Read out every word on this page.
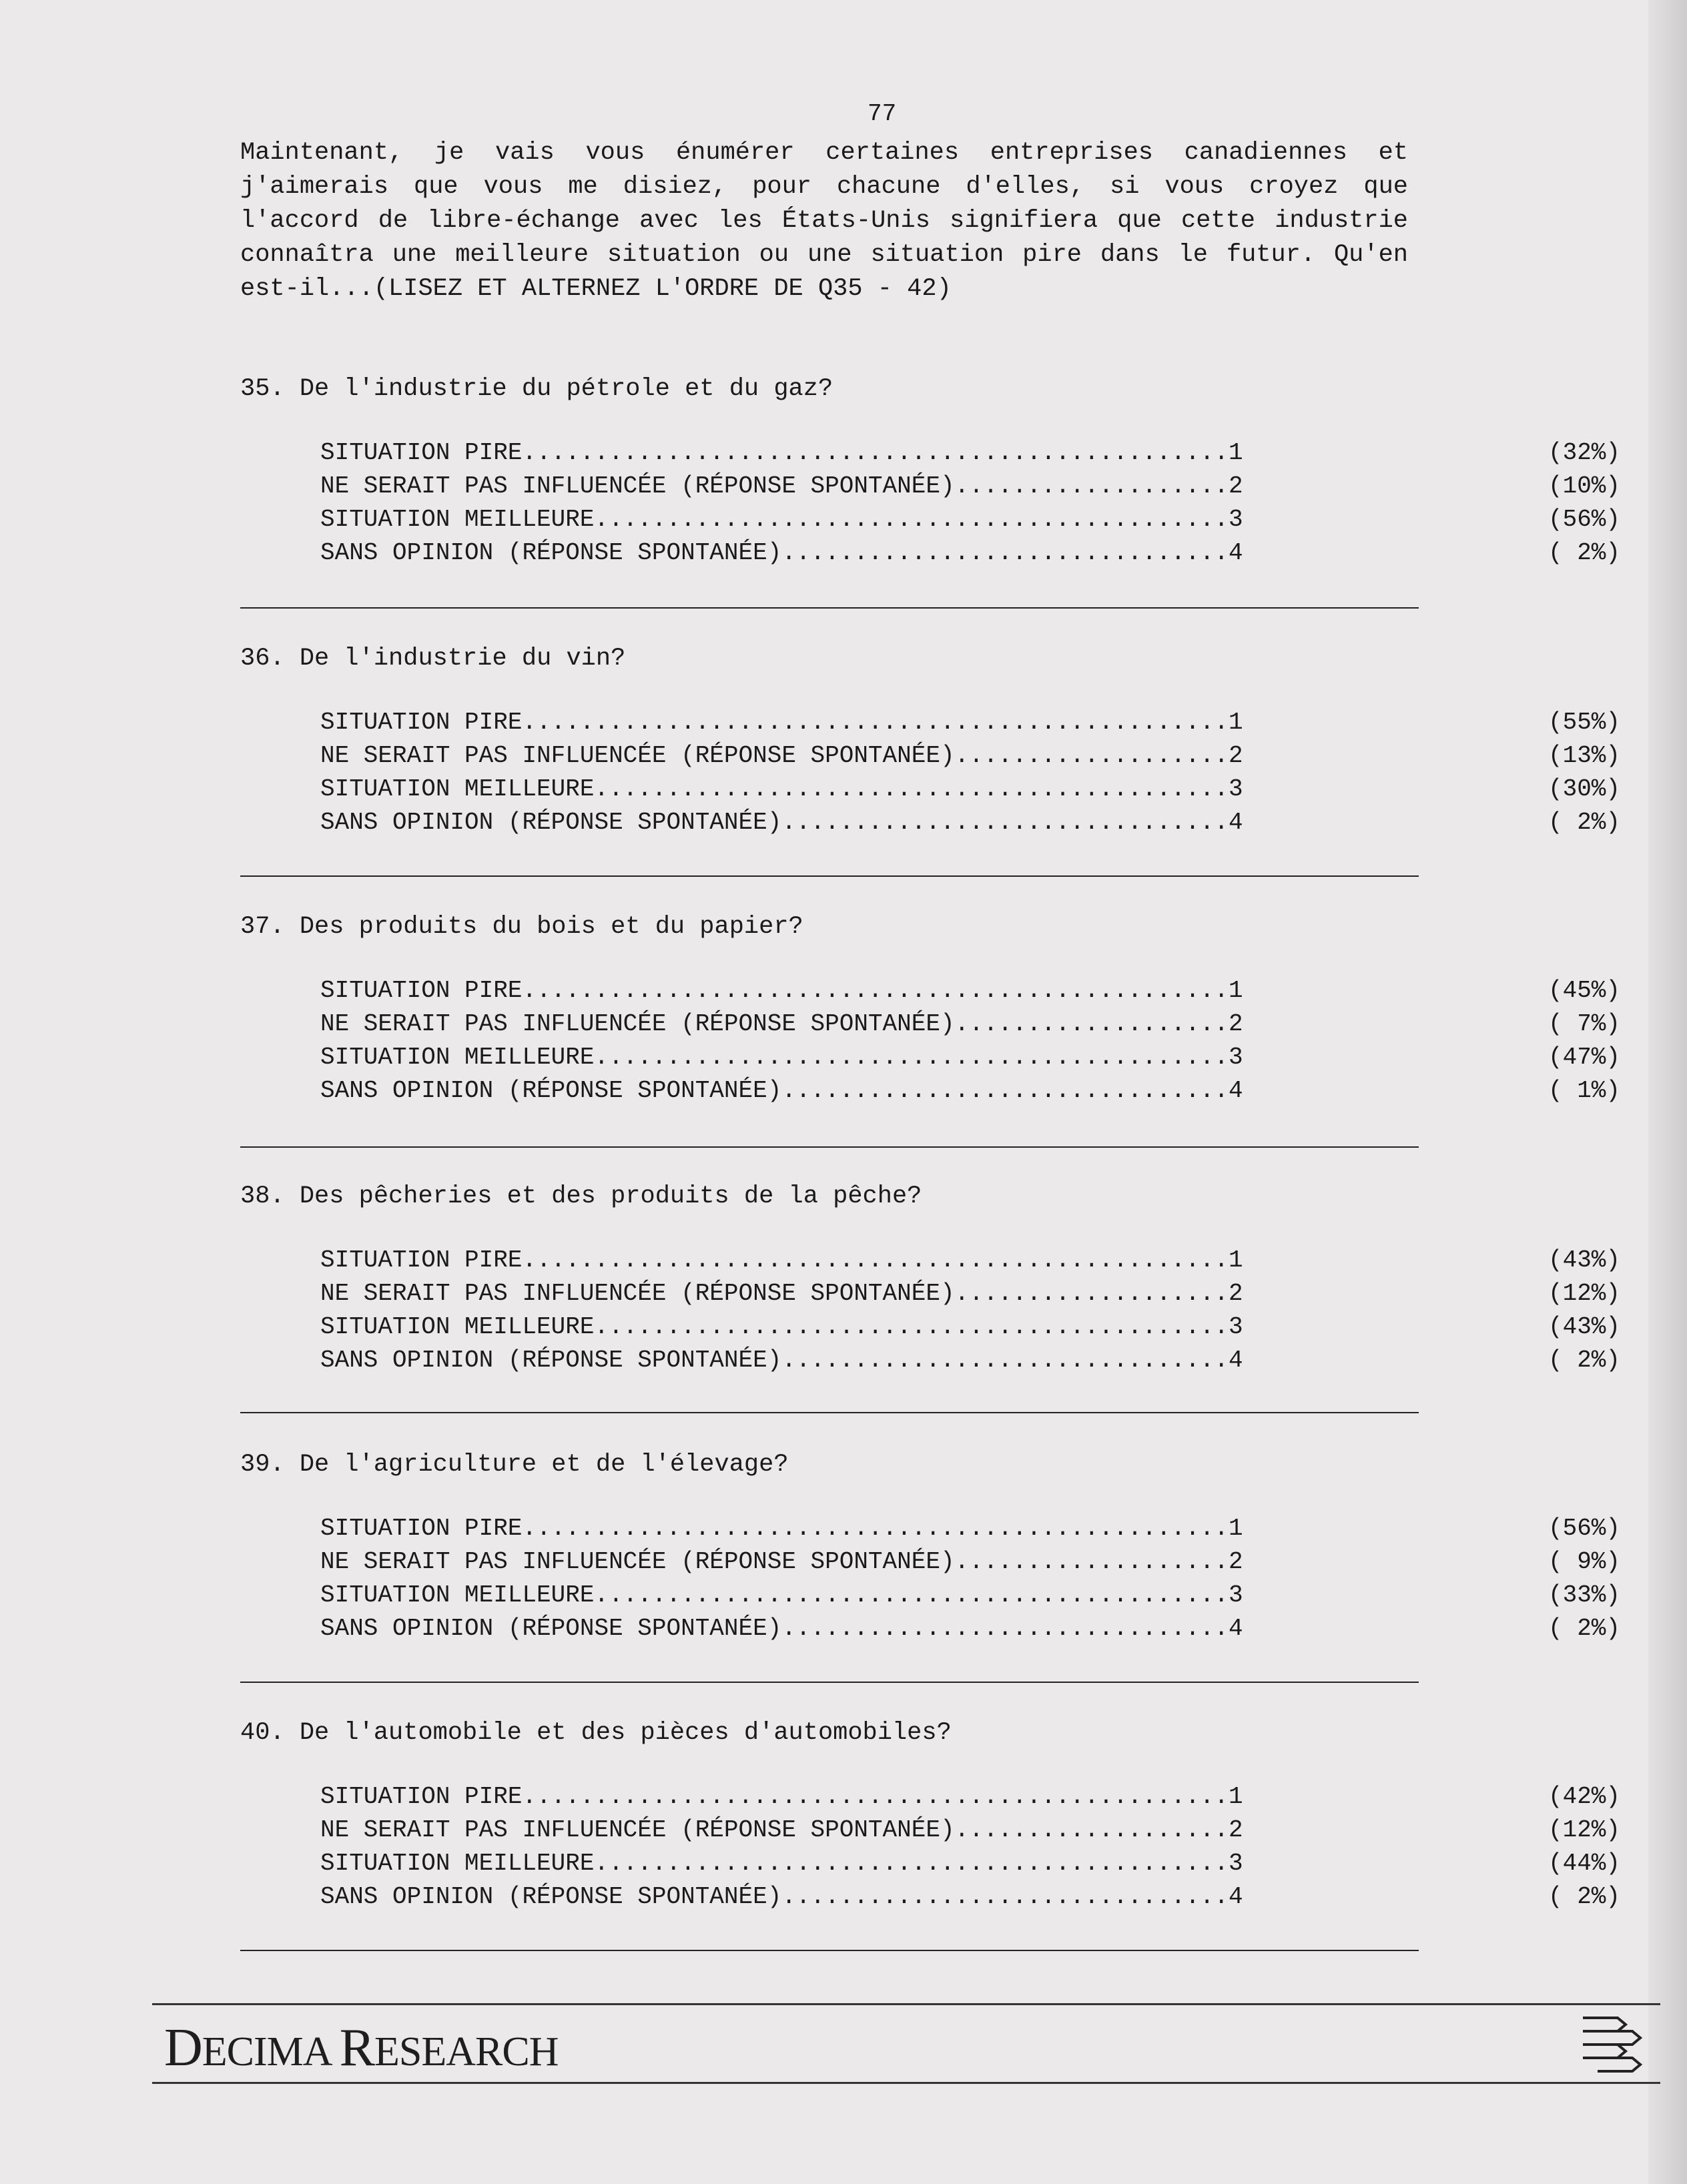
77
Maintenant, je vais vous énumérer certaines entreprises canadiennes et j'aimerais que vous me disiez, pour chacune d'elles, si vous croyez que l'accord de libre-échange avec les États-Unis signifiera que cette industrie connaîtra une meilleure situation ou une situation pire dans le futur. Qu'en est-il...(LISEZ ET ALTERNEZ L'ORDRE DE Q35 - 42)
35. De l'industrie du pétrole et du gaz?
SITUATION PIRE.................................................1	(32%)
NE SERAIT PAS INFLUENCÉE (RÉPONSE SPONTANÉE)...................2	(10%)
SITUATION MEILLEURE............................................3	(56%)
SANS OPINION (RÉPONSE SPONTANÉE)...............................4	( 2%)
36. De l'industrie du vin?
SITUATION PIRE.................................................1	(55%)
NE SERAIT PAS INFLUENCÉE (RÉPONSE SPONTANÉE)...................2	(13%)
SITUATION MEILLEURE............................................3	(30%)
SANS OPINION (RÉPONSE SPONTANÉE)...............................4	( 2%)
37. Des produits du bois et du papier?
SITUATION PIRE.................................................1	(45%)
NE SERAIT PAS INFLUENCÉE (RÉPONSE SPONTANÉE)...................2	( 7%)
SITUATION MEILLEURE............................................3	(47%)
SANS OPINION (RÉPONSE SPONTANÉE)...............................4	( 1%)
38. Des pêcheries et des produits de la pêche?
SITUATION PIRE.................................................1	(43%)
NE SERAIT PAS INFLUENCÉE (RÉPONSE SPONTANÉE)...................2	(12%)
SITUATION MEILLEURE............................................3	(43%)
SANS OPINION (RÉPONSE SPONTANÉE)...............................4	( 2%)
39. De l'agriculture et de l'élevage?
SITUATION PIRE.................................................1	(56%)
NE SERAIT PAS INFLUENCÉE (RÉPONSE SPONTANÉE)...................2	( 9%)
SITUATION MEILLEURE............................................3	(33%)
SANS OPINION (RÉPONSE SPONTANÉE)...............................4	( 2%)
40. De l'automobile et des pièces d'automobiles?
SITUATION PIRE.................................................1	(42%)
NE SERAIT PAS INFLUENCÉE (RÉPONSE SPONTANÉE)...................2	(12%)
SITUATION MEILLEURE............................................3	(44%)
SANS OPINION (RÉPONSE SPONTANÉE)...............................4	( 2%)
DECIMA RESEARCH
